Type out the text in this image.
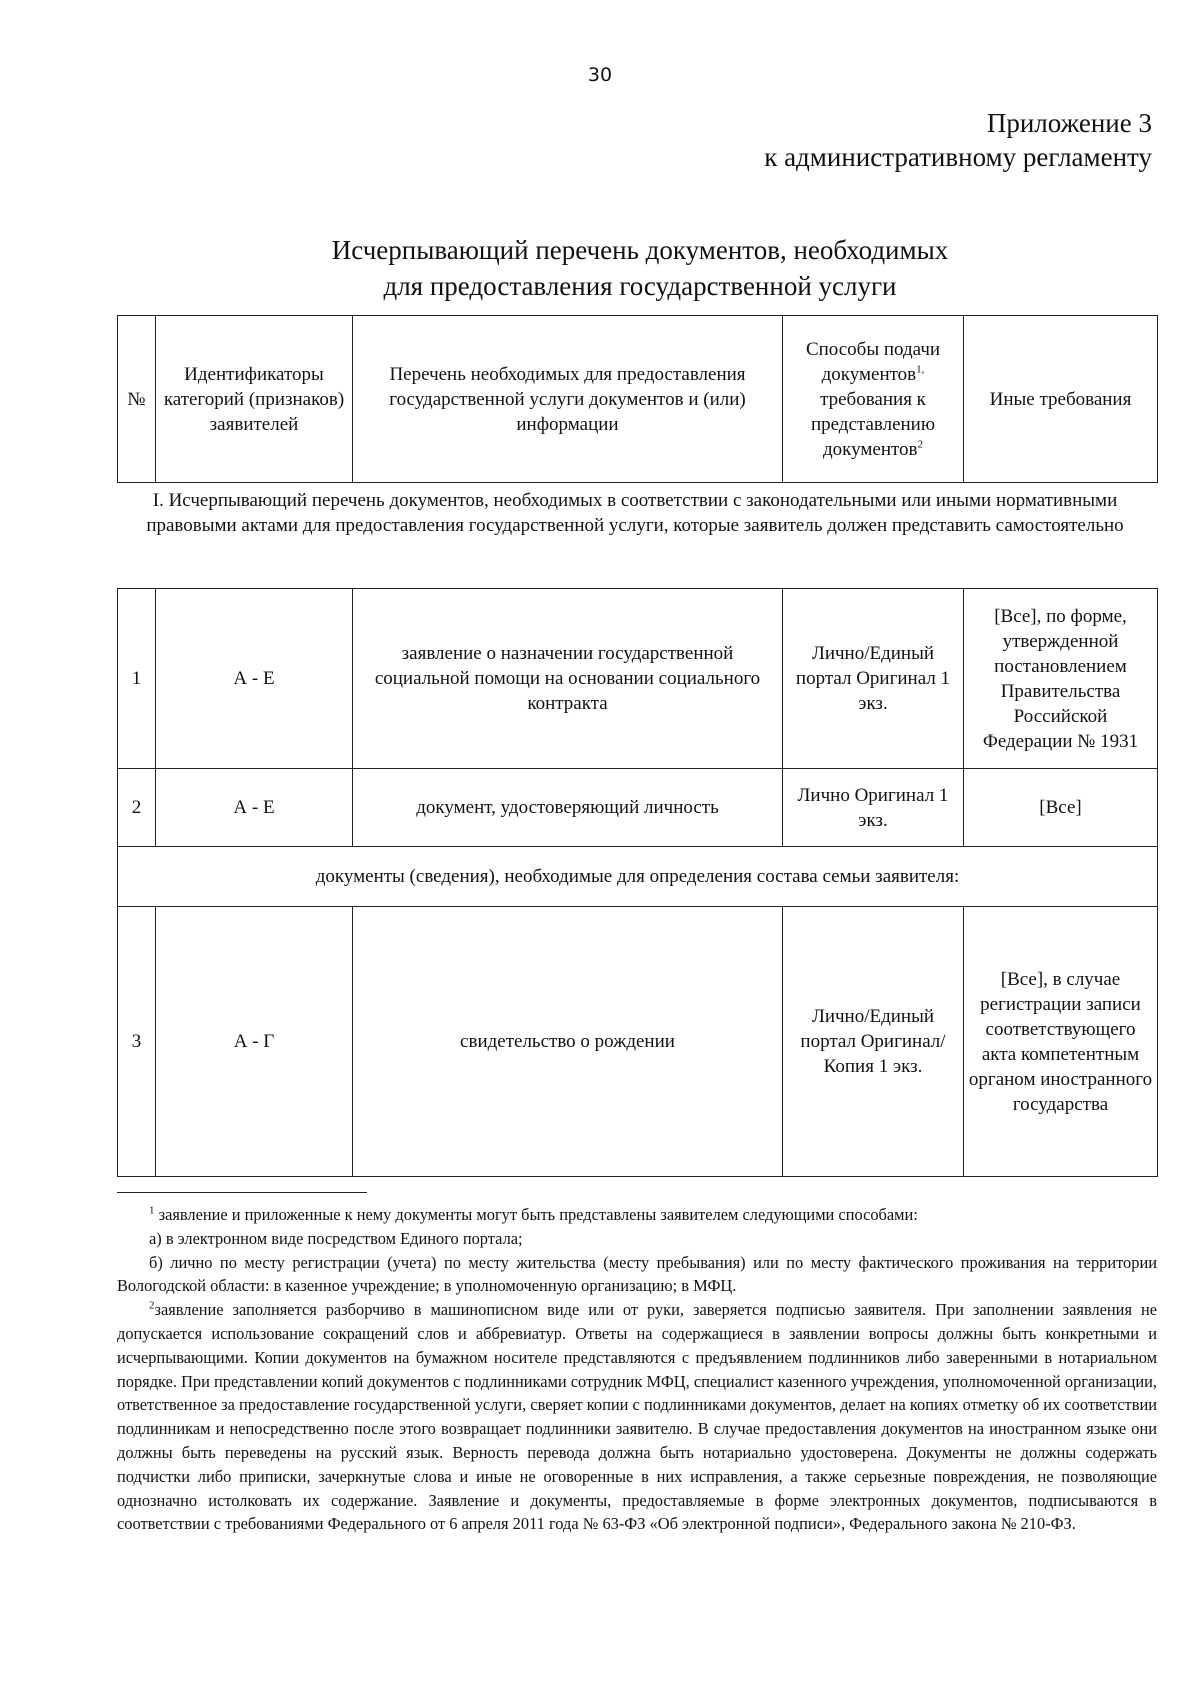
30
Приложение 3
к административному регламенту
Исчерпывающий перечень документов, необходимых
для предоставления государственной услуги
№	Идентификаторы категорий (признаков) заявителей	Перечень необходимых для предоставления государственной услуги документов и (или) информации	Способы подачи документов$^{1,}$ требования к представлению документов$^2$	Иные требования
I. Исчерпывающий перечень документов, необходимых в соответствии с законодательными или иными нормативными правовыми актами для предоставления государственной услуги, которые заявитель должен представить самостоятельно
1	А - Е	заявление о назначении государственной социальной помощи на основании социального контракта	Лично/Единый портал Оригинал 1 экз.	[Все], по форме, утвержденной постановлением Правительства Российской Федерации № 1931
2	А - Е	документ, удостоверяющий личность	Лично Оригинал 1 экз.	[Все]
документы (сведения), необходимые для определения состава семьи заявителя:				
3	А - Г	свидетельство о рождении	Лично/Единый портал Оригинал/Копия 1 экз.	[Все], в случае регистрации записи соответствующего акта компетентным органом иностранного государства

$^1$ заявление и приложенные к нему документы могут быть представлены заявителем следующими способами:

а) в электронном виде посредством Единого портала;

б) лично по месту регистрации (учета) по месту жительства (месту пребывания) или по месту фактического проживания на территории Вологодской области: в казенное учреждение; в уполномоченную организацию; в МФЦ.

$^2$заявление заполняется разборчиво в машинописном виде или от руки, заверяется подписью заявителя. При заполнении заявления не допускается использование сокращений слов и аббревиатур. Ответы на содержащиеся в заявлении вопросы должны быть конкретными и исчерпывающими. Копии документов на бумажном носителе представляются с предъявлением подлинников либо заверенными в нотариальном порядке. При представлении копий документов с подлинниками сотрудник МФЦ, специалист казенного учреждения, уполномоченной организации, ответственное за предоставление государственной услуги, сверяет копии с подлинниками документов, делает на копиях отметку об их соответствии подлинникам и непосредственно после этого возвращает подлинники заявителю. В случае предоставления документов на иностранном языке они должны быть переведены на русский язык. Верность перевода должна быть нотариально удостоверена. Документы не должны содержать подчистки либо приписки, зачеркнутые слова и иные не оговоренные в них исправления, а также серьезные повреждения, не позволяющие однозначно истолковать их содержание. Заявление и документы, предоставляемые в форме электронных документов, подписываются в соответствии с требованиями Федерального от 6 апреля 2011 года № 63-ФЗ «Об электронной подписи», Федерального закона № 210-ФЗ.
